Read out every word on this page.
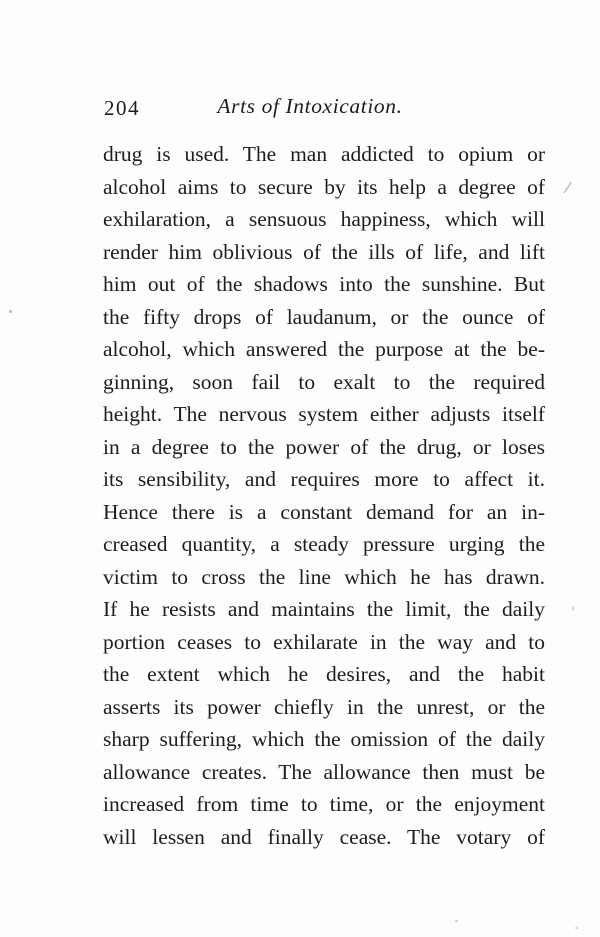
204	Arts of Intoxication.
drug is used. The man addicted to opium or
alcohol aims to secure by its help a degree of
exhilaration, a sensuous happiness, which will
render him oblivious of the ills of life, and lift
him out of the shadows into the sunshine. But
the fifty drops of laudanum, or the ounce of
alcohol, which answered the purpose at the be-
ginning, soon fail to exalt to the required
height. The nervous system either adjusts itself
in a degree to the power of the drug, or loses
its sensibility, and requires more to affect it.
Hence there is a constant demand for an in-
creased quantity, a steady pressure urging the
victim to cross the line which he has drawn.
If he resists and maintains the limit, the daily
portion ceases to exhilarate in the way and to
the extent which he desires, and the habit
asserts its power chiefly in the unrest, or the
sharp suffering, which the omission of the daily
allowance creates. The allowance then must be
increased from time to time, or the enjoyment
will lessen and finally cease. The votary of
/
